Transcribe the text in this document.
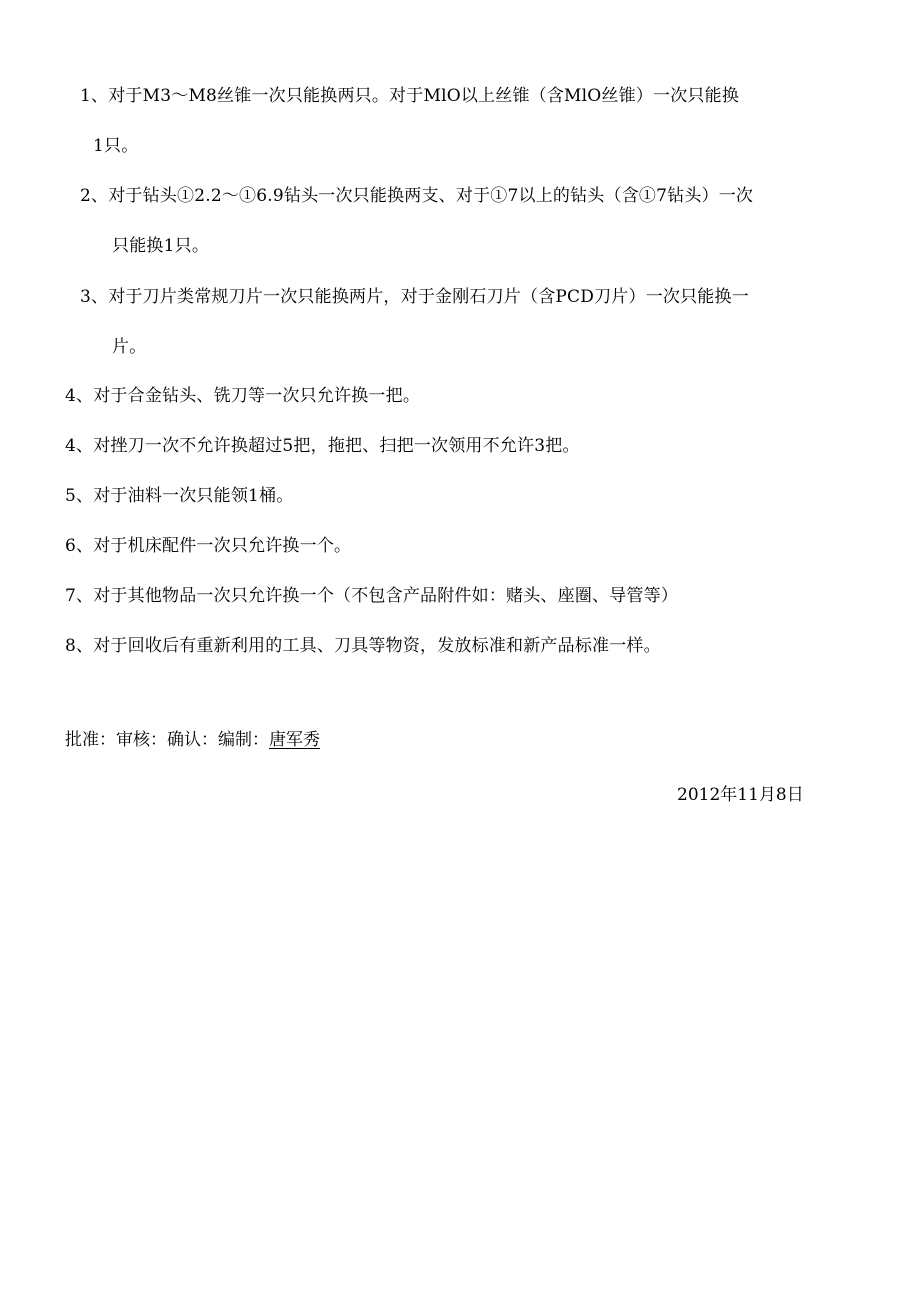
1、对于M3～M8丝锥一次只能换两只。对于MlO以上丝锥（含MlO丝锥）一次只能换
1只。
2、对于钻头①2.2～①6.9钻头一次只能换两支、对于①7以上的钻头（含①7钻头）一次
只能换1只。
3、对于刀片类常规刀片一次只能换两片，对于金刚石刀片（含PCD刀片）一次只能换一
片。
4、对于合金钻头、铣刀等一次只允许换一把。
4、对挫刀一次不允许换超过5把，拖把、扫把一次领用不允许3把。
5、对于油料一次只能领1桶。
6、对于机床配件一次只允许换一个。
7、对于其他物品一次只允许换一个（不包含产品附件如：赌头、座圈、导管等）
8、对于回收后有重新利用的工具、刀具等物资，发放标准和新产品标准一样。
批准：审核：确认：编制：唐军秀
2012年11月8日
